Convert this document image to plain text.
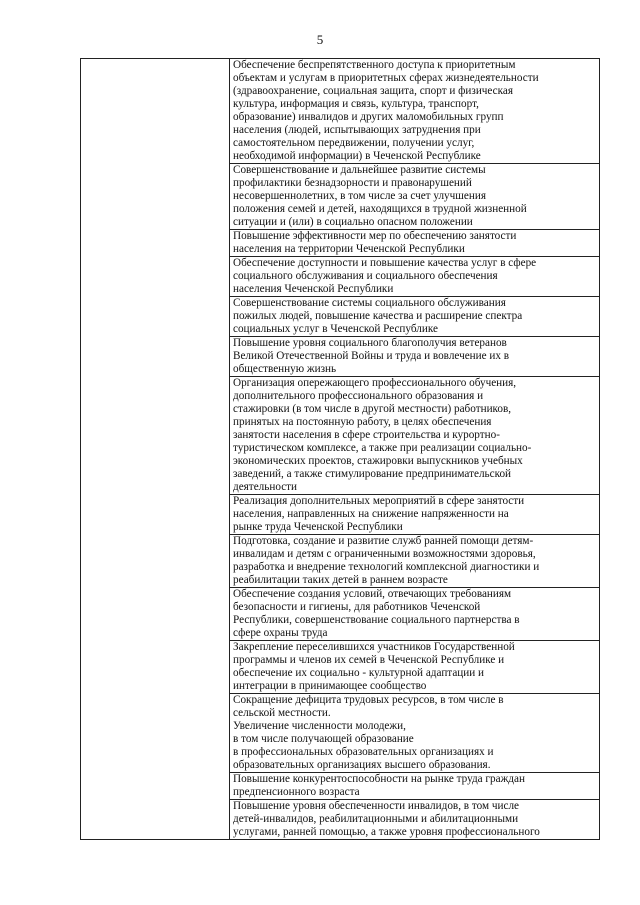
5

Обеспечение беспрепятственного доступа к приоритетным
объектам и услугам в приоритетных сферах жизнедеятельности
(здравоохранение, социальная защита, спорт и физическая
культура, информация и связь, культура, транспорт,
образование) инвалидов и других маломобильных групп
населения (людей, испытывающих затруднения при
самостоятельном передвижении, получении услуг,
необходимой информации) в Чеченской Республике

Совершенствование и дальнейшее развитие системы
профилактики безнадзорности и правонарушений
несовершеннолетних, в том числе за счет улучшения
положения семей и детей, находящихся в трудной жизненной
ситуации и (или) в социально опасном положении

Повышение эффективности мер по обеспечению занятости
населения на территории Чеченской Республики

Обеспечение доступности и повышение качества услуг в сфере
социального обслуживания и социального обеспечения
населения Чеченской Республики

Совершенствование системы социального обслуживания
пожилых людей, повышение качества и расширение спектра
социальных услуг в Чеченской Республике

Повышение уровня социального благополучия ветеранов
Великой Отечественной Войны и труда и вовлечение их в
общественную жизнь

Организация опережающего профессионального обучения,
дополнительного профессионального образования и
стажировки (в том числе в другой местности) работников,
принятых на постоянную работу, в целях обеспечения
занятости населения в сфере строительства и курортно-
туристическом комплексе, а также при реализации социально-
экономических проектов, стажировки выпускников учебных
заведений, а также стимулирование предпринимательской
деятельности

Реализация дополнительных мероприятий в сфере занятости
населения, направленных на снижение напряженности на
рынке труда Чеченской Республики

Подготовка, создание и развитие служб ранней помощи детям-
инвалидам и детям с ограниченными возможностями здоровья,
разработка и внедрение технологий комплексной диагностики и
реабилитации таких детей в раннем возрасте

Обеспечение создания условий, отвечающих требованиям
безопасности и гигиены, для работников Чеченской
Республики, совершенствование социального партнерства в
сфере охраны труда

Закрепление переселившихся участников Государственной
программы и членов их семей в Чеченской Республике и
обеспечение их социально - культурной адаптации и
интеграции в принимающее сообщество

Сокращение дефицита трудовых ресурсов, в том числе в
сельской местности.
Увеличение численности молодежи,
в том числе получающей образование
в профессиональных образовательных организациях и
образовательных организациях высшего образования.

Повышение конкурентоспособности на рынке труда граждан
предпенсионного возраста

Повышение уровня обеспеченности инвалидов, в том числе
детей-инвалидов, реабилитационными и абилитационными
услугами, ранней помощью, а также уровня профессионального
